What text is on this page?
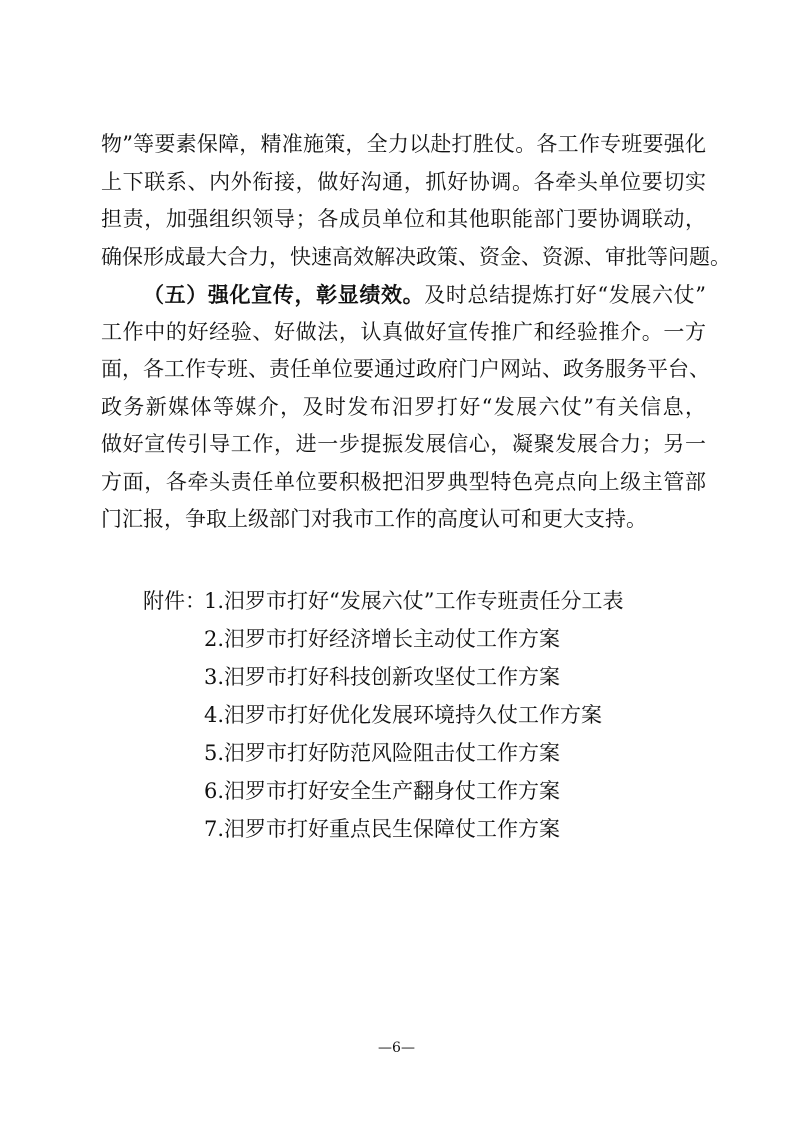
物”等要素保障，精准施策，全力以赴打胜仗。各工作专班要强化
上下联系、内外衔接，做好沟通，抓好协调。各牵头单位要切实
担责，加强组织领导；各成员单位和其他职能部门要协调联动，
确保形成最大合力，快速高效解决政策、资金、资源、审批等问题。
（五）强化宣传，彰显绩效。及时总结提炼打好“发展六仗”
工作中的好经验、好做法，认真做好宣传推广和经验推介。一方
面，各工作专班、责任单位要通过政府门户网站、政务服务平台、
政务新媒体等媒介，及时发布汨罗打好“发展六仗”有关信息，
做好宣传引导工作，进一步提振发展信心，凝聚发展合力；另一
方面，各牵头责任单位要积极把汨罗典型特色亮点向上级主管部
门汇报，争取上级部门对我市工作的高度认可和更大支持。
附件：1.汨罗市打好“发展六仗”工作专班责任分工表
2.汨罗市打好经济增长主动仗工作方案
3.汨罗市打好科技创新攻坚仗工作方案
4.汨罗市打好优化发展环境持久仗工作方案
5.汨罗市打好防范风险阻击仗工作方案
6.汨罗市打好安全生产翻身仗工作方案
7.汨罗市打好重点民生保障仗工作方案
—6—
